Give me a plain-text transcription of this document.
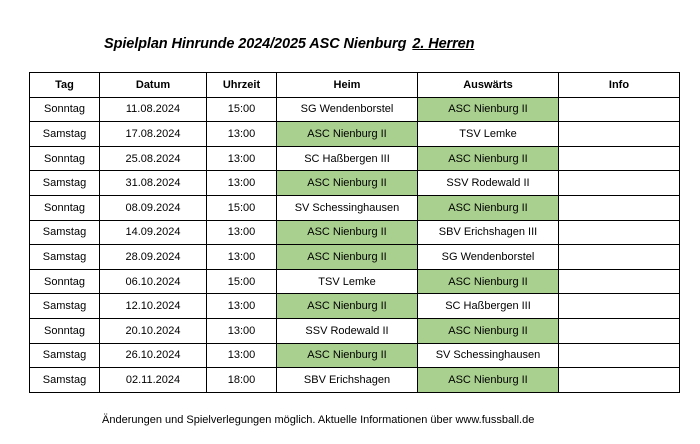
Spielplan Hinrunde 2024/2025 ASC Nienburg 2. Herren
Tag	Datum	Uhrzeit	Heim	Auswärts	Info
Sonntag	11.08.2024	15:00	SG Wendenborstel	ASC Nienburg II	
Samstag	17.08.2024	13:00	ASC Nienburg II	TSV Lemke	
Sonntag	25.08.2024	13:00	SC Haßbergen III	ASC Nienburg II	
Samstag	31.08.2024	13:00	ASC Nienburg II	SSV Rodewald II	
Sonntag	08.09.2024	15:00	SV Schessinghausen	ASC Nienburg II	
Samstag	14.09.2024	13:00	ASC Nienburg II	SBV Erichshagen III	
Samstag	28.09.2024	13:00	ASC Nienburg II	SG Wendenborstel	
Sonntag	06.10.2024	15:00	TSV Lemke	ASC Nienburg II	
Samstag	12.10.2024	13:00	ASC Nienburg II	SC Haßbergen III	
Sonntag	20.10.2024	13:00	SSV Rodewald II	ASC Nienburg II	
Samstag	26.10.2024	13:00	ASC Nienburg II	SV Schessinghausen	
Samstag	02.11.2024	18:00	SBV Erichshagen	ASC Nienburg II	
Änderungen und Spielverlegungen möglich. Aktuelle Informationen über www.fussball.de
